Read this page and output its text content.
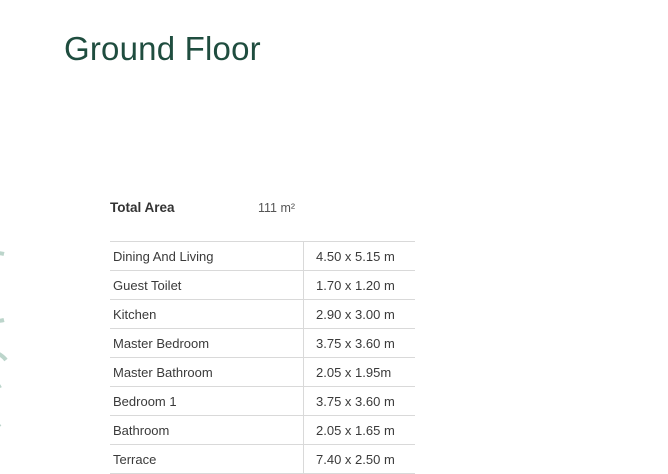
Ground Floor
Total Area	111 m²
Dining And Living	4.50 x 5.15 m
Guest Toilet	1.70 x 1.20 m
Kitchen	2.90 x 3.00 m
Master Bedroom	3.75 x 3.60 m
Master Bathroom	2.05 x 1.95m
Bedroom 1	3.75 x 3.60 m
Bathroom	2.05 x 1.65 m
Terrace	7.40 x 2.50 m
